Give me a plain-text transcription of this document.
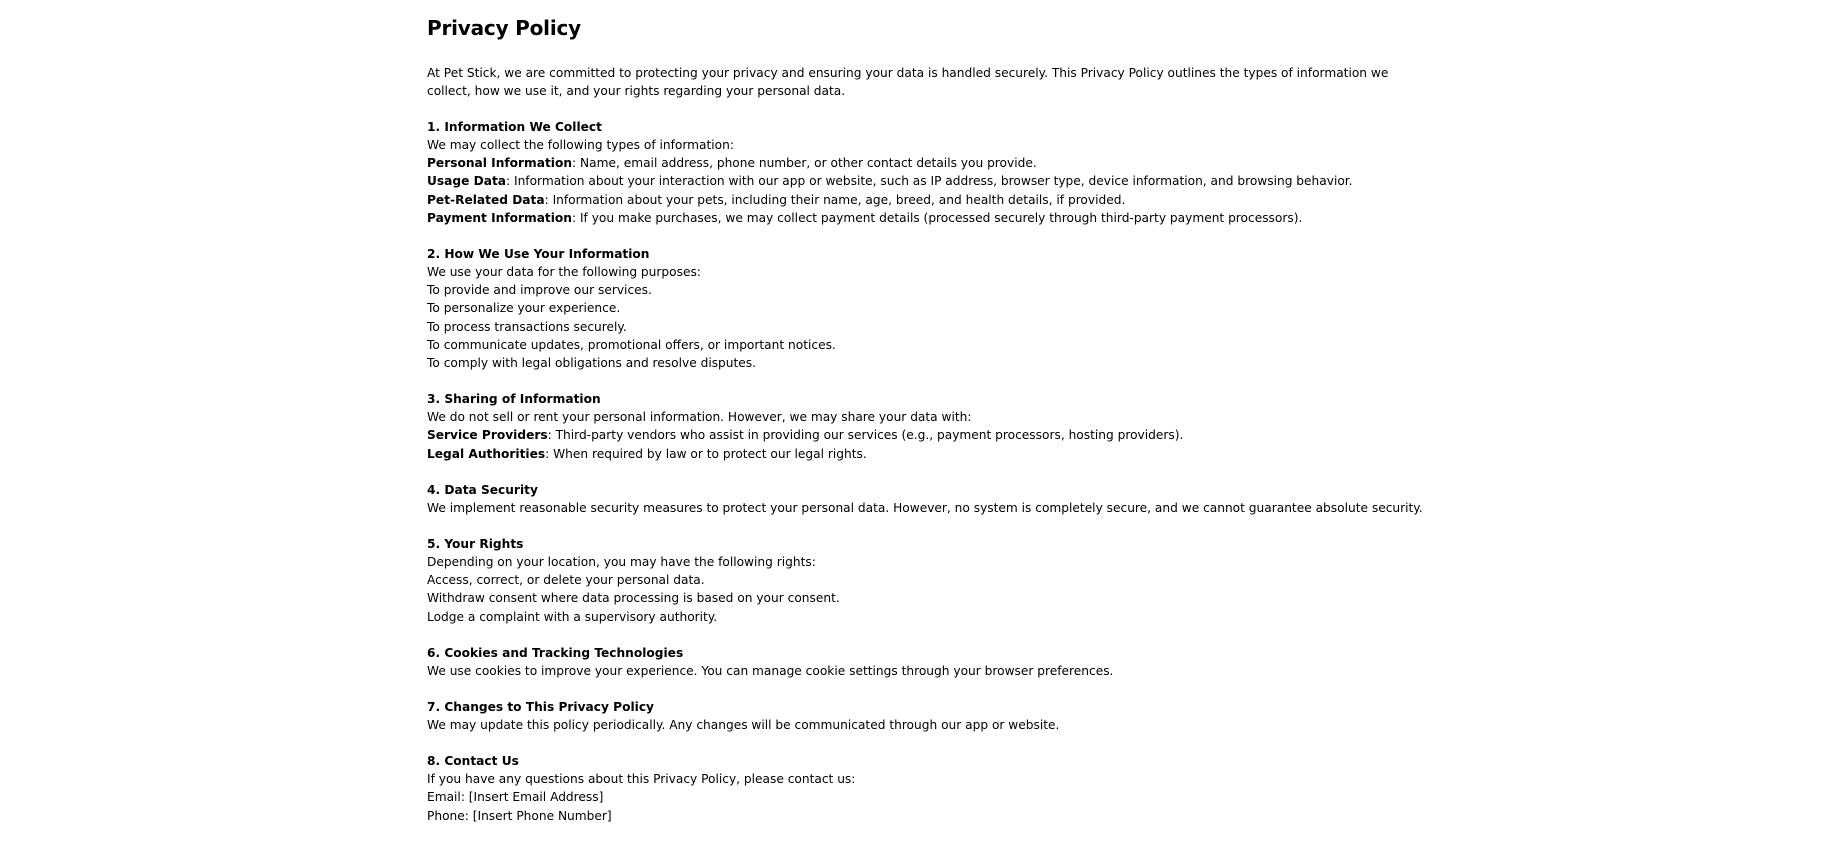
Privacy Policy

At Pet Stick, we are committed to protecting your privacy and ensuring your data is handled securely. This Privacy Policy outlines the types of information we collect, how we use it, and your rights regarding your personal data.

1. Information We Collect

We may collect the following types of information:

Personal Information: Name, email address, phone number, or other contact details you provide.

Usage Data: Information about your interaction with our app or website, such as IP address, browser type, device information, and browsing behavior.

Pet-Related Data: Information about your pets, including their name, age, breed, and health details, if provided.

Payment Information: If you make purchases, we may collect payment details (processed securely through third-party payment processors).

2. How We Use Your Information

We use your data for the following purposes:

To provide and improve our services.

To personalize your experience.

To process transactions securely.

To communicate updates, promotional offers, or important notices.

To comply with legal obligations and resolve disputes.

3. Sharing of Information

We do not sell or rent your personal information. However, we may share your data with:

Service Providers: Third-party vendors who assist in providing our services (e.g., payment processors, hosting providers).

Legal Authorities: When required by law or to protect our legal rights.

4. Data Security

We implement reasonable security measures to protect your personal data. However, no system is completely secure, and we cannot guarantee absolute security.

5. Your Rights

Depending on your location, you may have the following rights:

Access, correct, or delete your personal data.

Withdraw consent where data processing is based on your consent.

Lodge a complaint with a supervisory authority.

6. Cookies and Tracking Technologies

We use cookies to improve your experience. You can manage cookie settings through your browser preferences.

7. Changes to This Privacy Policy

We may update this policy periodically. Any changes will be communicated through our app or website.

8. Contact Us

If you have any questions about this Privacy Policy, please contact us:

Email: [Insert Email Address]

Phone: [Insert Phone Number]
